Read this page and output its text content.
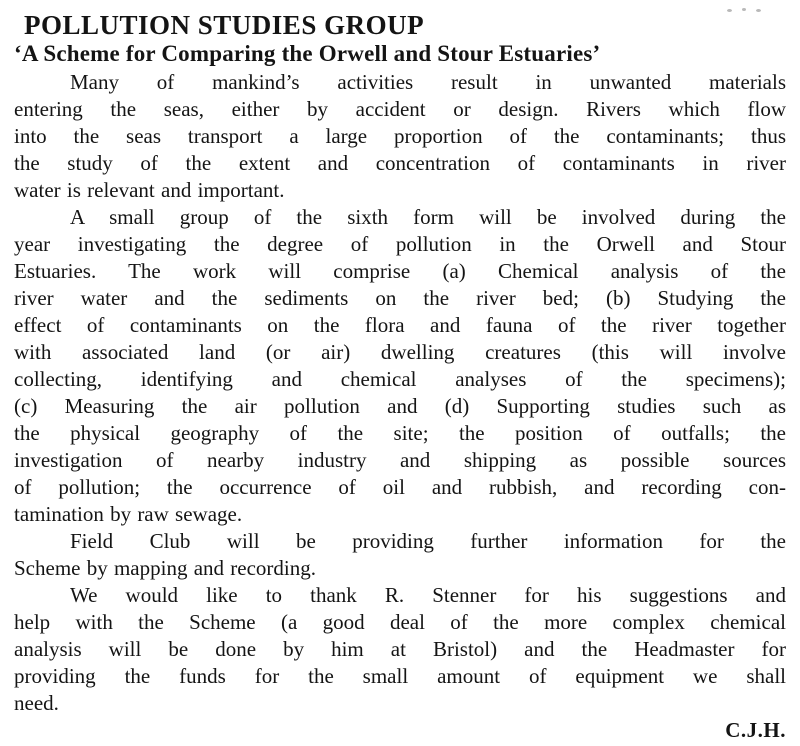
POLLUTION STUDIES GROUP
‘A Scheme for Comparing the Orwell and Stour Estuaries’
Many of mankind’s activities result in unwanted materials
entering the seas, either by accident or design. Rivers which flow
into the seas transport a large proportion of the contaminants; thus
the study of the extent and concentration of contaminants in river
water is relevant and important.
A small group of the sixth form will be involved during the
year investigating the degree of pollution in the Orwell and Stour
Estuaries. The work will comprise (a) Chemical analysis of the
river water and the sediments on the river bed; (b) Studying the
effect of contaminants on the flora and fauna of the river together
with associated land (or air) dwelling creatures (this will involve
collecting, identifying and chemical analyses of the specimens);
(c) Measuring the air pollution and (d) Supporting studies such as
the physical geography of the site; the position of outfalls; the
investigation of nearby industry and shipping as possible sources
of pollution; the occurrence of oil and rubbish, and recording con-
tamination by raw sewage.
Field Club will be providing further information for the
Scheme by mapping and recording.
We would like to thank R. Stenner for his suggestions and
help with the Scheme (a good deal of the more complex chemical
analysis will be done by him at Bristol) and the Headmaster for
providing the funds for the small amount of equipment we shall
need.
C.J.H.
